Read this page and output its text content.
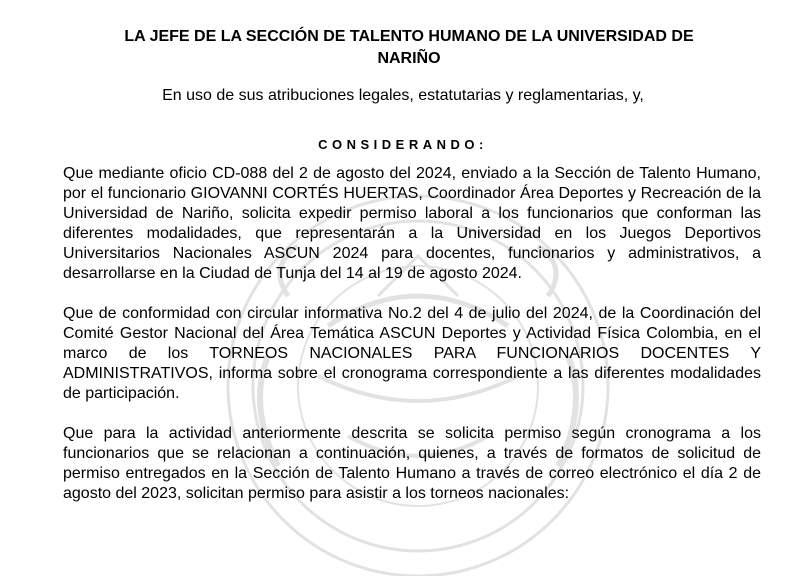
LA JEFE DE LA SECCIÓN DE TALENTO HUMANO DE LA UNIVERSIDAD DE
NARIÑO

En uso de sus atribuciones legales, estatutarias y reglamentarias, y,

CONSIDERANDO:

Que mediante oficio CD-088 del 2 de agosto del 2024, enviado a la Sección de Talento Humano, por el funcionario GIOVANNI CORTÉS HUERTAS, Coordinador Área Deportes y Recreación de la Universidad de Nariño, solicita expedir permiso laboral a los funcionarios que conforman las diferentes modalidades, que representarán a la Universidad en los Juegos Deportivos Universitarios Nacionales ASCUN 2024 para docentes, funcionarios y administrativos, a desarrollarse en la Ciudad de Tunja del 14 al 19 de agosto 2024.

Que de conformidad con circular informativa No.2 del 4 de julio del 2024, de la Coordinación del Comité Gestor Nacional del Área Temática ASCUN Deportes y Actividad Física Colombia, en el marco de los TORNEOS NACIONALES PARA FUNCIONARIOS DOCENTES Y ADMINISTRATIVOS, informa sobre el cronograma correspondiente a las diferentes modalidades de participación.

Que para la actividad anteriormente descrita se solicita permiso según cronograma a los funcionarios que se relacionan a continuación, quienes, a través de formatos de solicitud de permiso entregados en la Sección de Talento Humano a través de correo electrónico el día 2 de agosto del 2023, solicitan permiso para asistir a los torneos nacionales:
